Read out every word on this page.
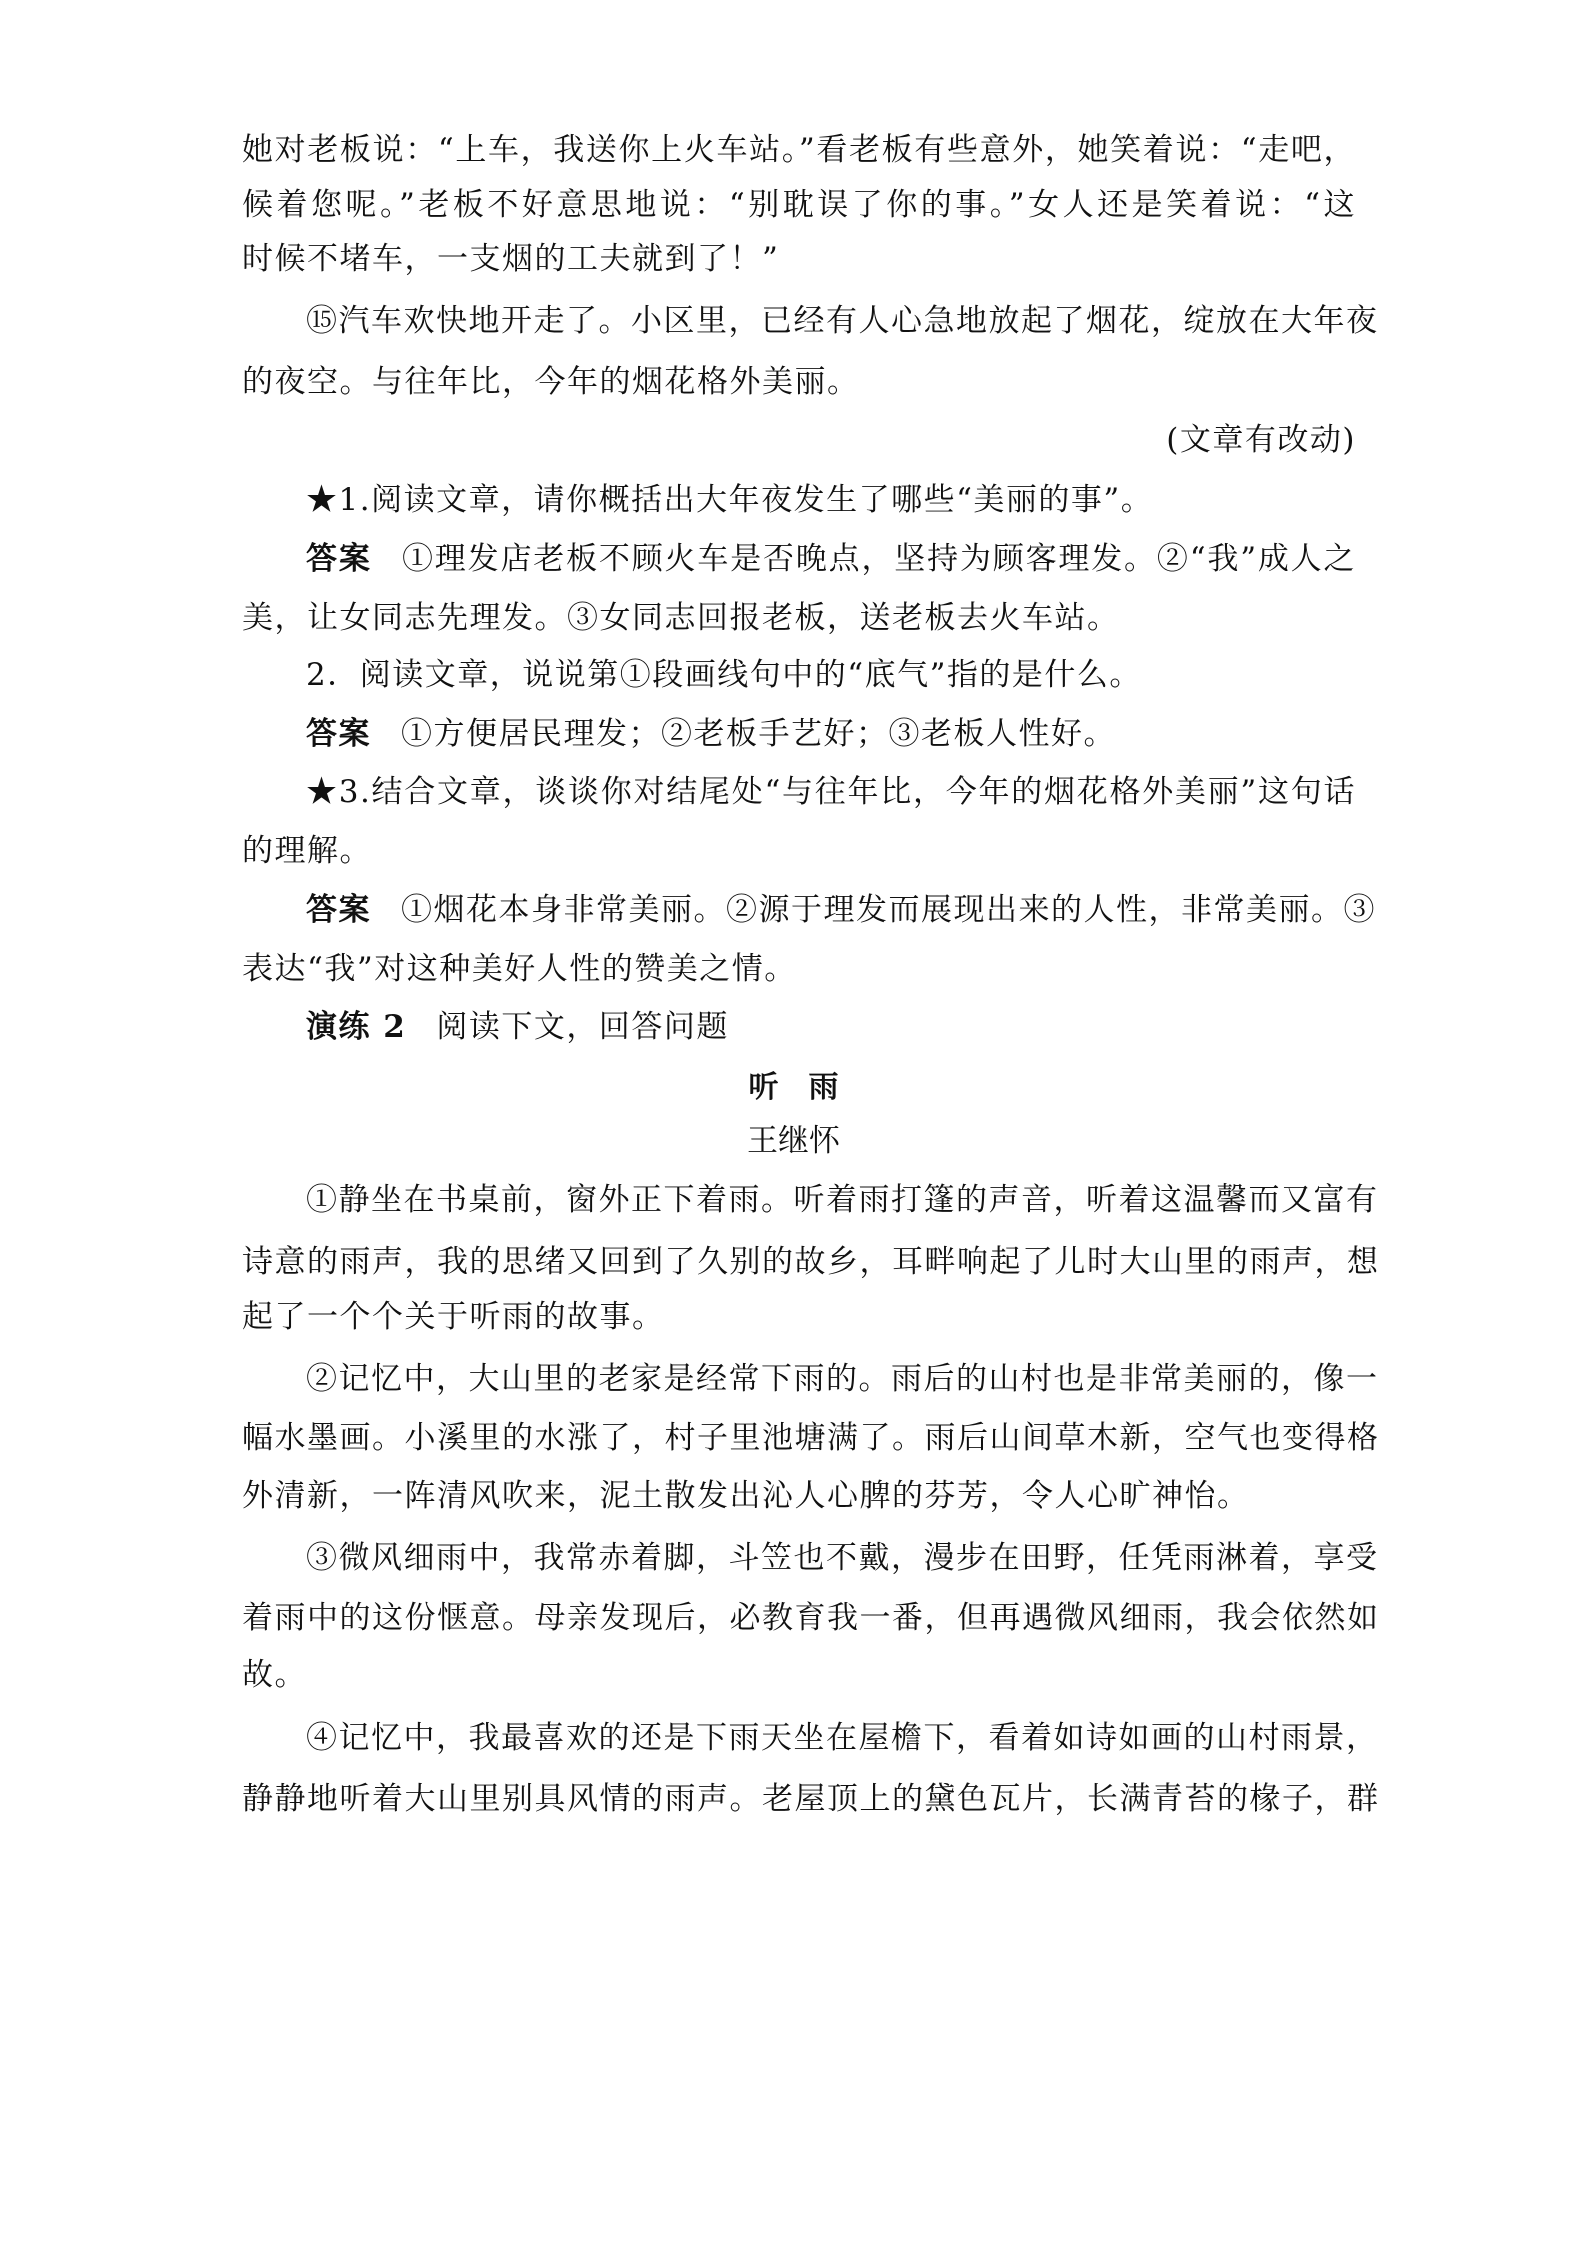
她对老板说：“上车，我送你上火车站。”看老板有些意外，她笑着说：“走吧，
候着您呢。”老板不好意思地说：“别耽误了你的事。”女人还是笑着说：“这
时候不堵车，一支烟的工夫就到了！”
⑮汽车欢快地开走了。小区里，已经有人心急地放起了烟花，绽放在大年夜
的夜空。与往年比，今年的烟花格外美丽。
(文章有改动)
★1.阅读文章，请你概括出大年夜发生了哪些“美丽的事”。
答案 ①理发店老板不顾火车是否晚点，坚持为顾客理发。②“我”成人之
美，让女同志先理发。③女同志回报老板，送老板去火车站。
2．阅读文章，说说第①段画线句中的“底气”指的是什么。
答案 ①方便居民理发；②老板手艺好；③老板人性好。
★3.结合文章，谈谈你对结尾处“与往年比，今年的烟花格外美丽”这句话
的理解。
答案 ①烟花本身非常美丽。②源于理发而展现出来的人性，非常美丽。③
表达“我”对这种美好人性的赞美之情。
演练 2 阅读下文，回答问题
听　雨
王继怀
①静坐在书桌前，窗外正下着雨。听着雨打篷的声音，听着这温馨而又富有
诗意的雨声，我的思绪又回到了久别的故乡，耳畔响起了儿时大山里的雨声，想
起了一个个关于听雨的故事。
②记忆中，大山里的老家是经常下雨的。雨后的山村也是非常美丽的，像一
幅水墨画。小溪里的水涨了，村子里池塘满了。雨后山间草木新，空气也变得格
外清新，一阵清风吹来，泥土散发出沁人心脾的芬芳，令人心旷神怡。
③微风细雨中，我常赤着脚，斗笠也不戴，漫步在田野，任凭雨淋着，享受
着雨中的这份惬意。母亲发现后，必教育我一番，但再遇微风细雨，我会依然如
故。
④记忆中，我最喜欢的还是下雨天坐在屋檐下，看着如诗如画的山村雨景，
静静地听着大山里别具风情的雨声。老屋顶上的黛色瓦片，长满青苔的椽子，群
